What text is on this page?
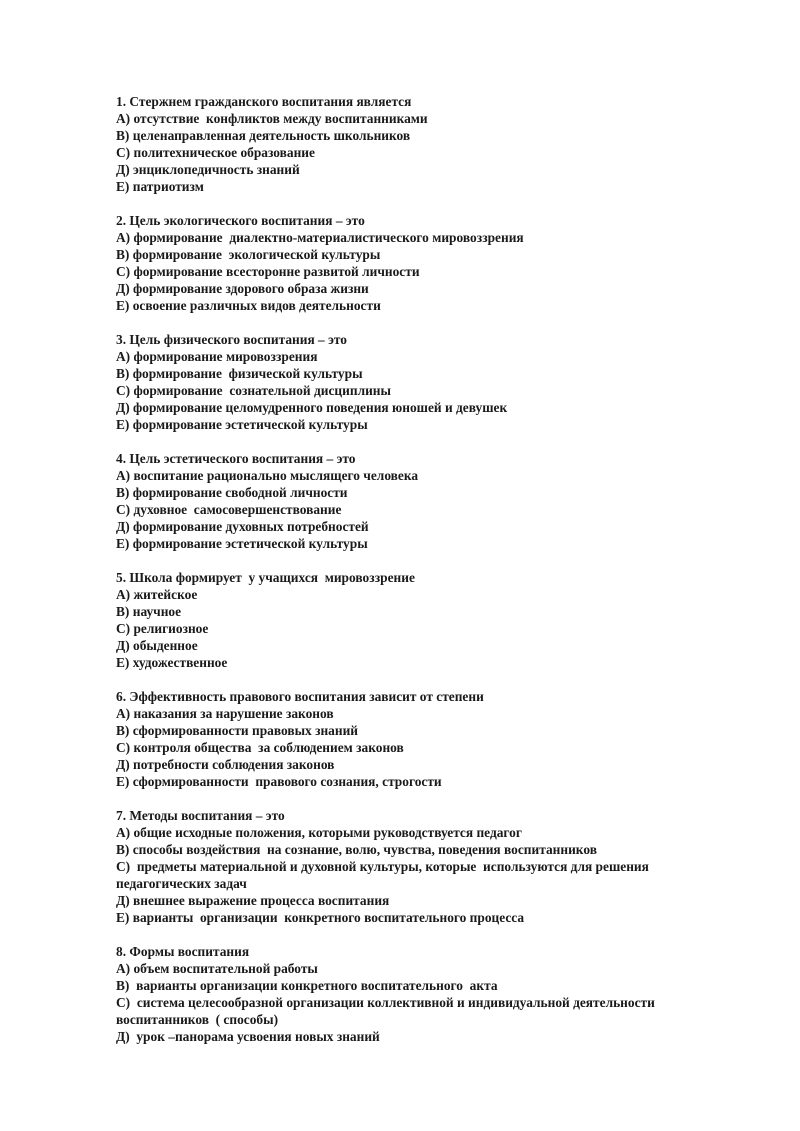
1. Стержнем гражданского воспитания является
А) отсутствие  конфликтов между воспитанниками
В) целенаправленная деятельность школьников
С) политехническое образование
Д) энциклопедичность знаний
Е) патриотизм
2. Цель экологического воспитания – это
А) формирование  диалектно-материалистического мировоззрения
В) формирование  экологической культуры
С) формирование всесторонне развитой личности
Д) формирование здорового образа жизни
Е) освоение различных видов деятельности
3. Цель физического воспитания – это
А) формирование мировоззрения
В) формирование  физической культуры
С) формирование  сознательной дисциплины
Д) формирование целомудренного поведения юношей и девушек
Е) формирование эстетической культуры
4. Цель эстетического воспитания – это
А) воспитание рационально мыслящего человека
В) формирование свободной личности
С) духовное  самосовершенствование
Д) формирование духовных потребностей
Е) формирование эстетической культуры
5. Школа формирует  у учащихся  мировоззрение
А) житейское
В) научное
С) религиозное
Д) обыденное
Е) художественное
6. Эффективность правового воспитания зависит от степени
А) наказания за нарушение законов
В) сформированности правовых знаний
С) контроля общества  за соблюдением законов
Д) потребности соблюдения законов
Е) сформированности  правового сознания, строгости
7. Методы воспитания – это
А) общие исходные положения, которыми руководствуется педагог
В) способы воздействия  на сознание, волю, чувства, поведения воспитанников
С)  предметы материальной и духовной культуры, которые  используются для решения педагогических задач
Д) внешнее выражение процесса воспитания
Е) варианты  организации  конкретного воспитательного процесса
8. Формы воспитания
А) объем воспитательной работы
В)  варианты организации конкретного воспитательного  акта
С)  система целесообразной организации коллективной и индивидуальной деятельности воспитанников  ( способы)
Д)  урок –панорама усвоения новых знаний
